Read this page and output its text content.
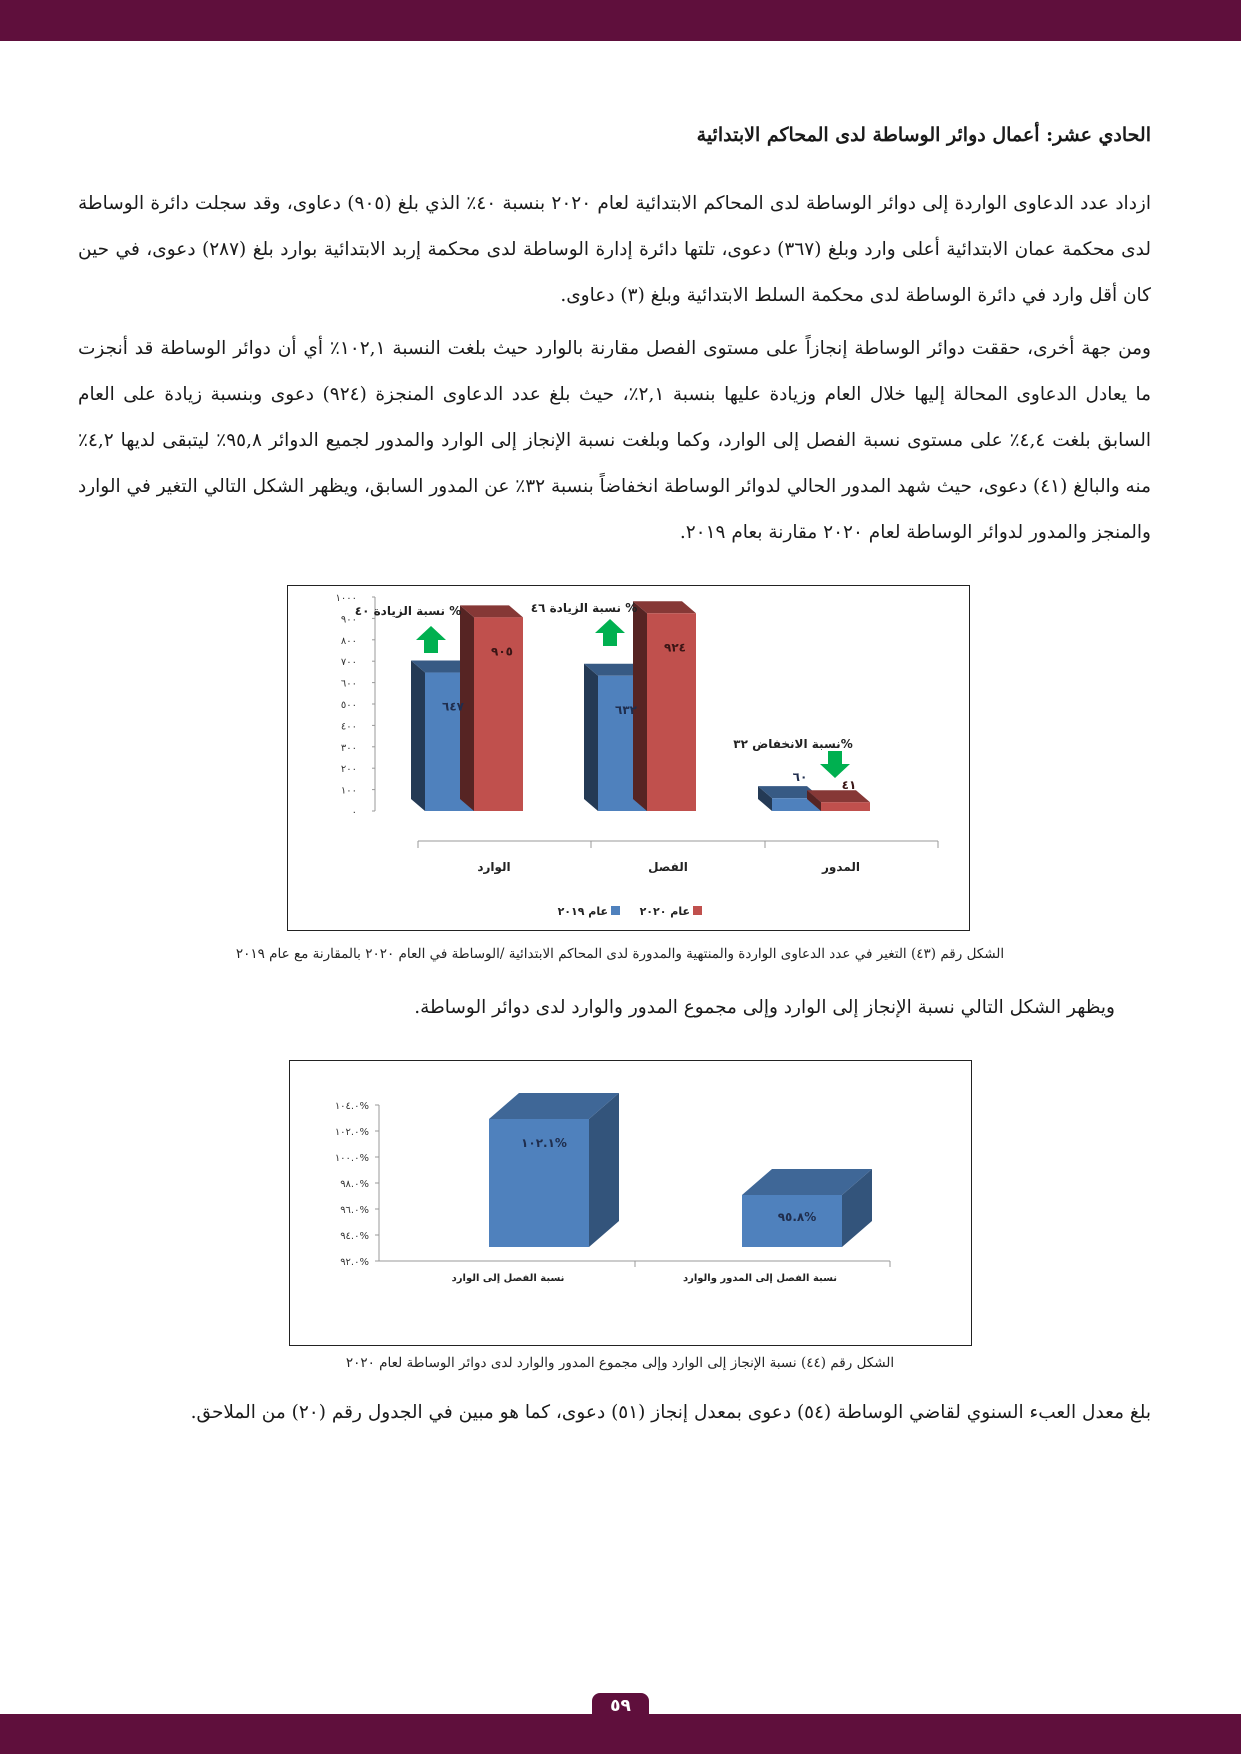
الحادي عشر: أعمال دوائر الوساطة لدى المحاكم الابتدائية
ازداد عدد الدعاوى الواردة إلى دوائر الوساطة لدى المحاكم الابتدائية لعام ٢٠٢٠ بنسبة ٤٠٪ الذي بلغ (٩٠٥) دعاوى، وقد سجلت دائرة الوساطة لدى محكمة عمان الابتدائية أعلى وارد وبلغ (٣٦٧) دعوى، تلتها دائرة إدارة الوساطة لدى محكمة إربد الابتدائية بوارد بلغ (٢٨٧) دعوى، في حين كان أقل وارد في دائرة الوساطة لدى محكمة السلط الابتدائية وبلغ (٣) دعاوى.
ومن جهة أخرى، حققت دوائر الوساطة إنجازاً على مستوى الفصل مقارنة بالوارد حيث بلغت النسبة ١٠٢,١٪ أي أن دوائر الوساطة قد أنجزت ما يعادل الدعاوى المحالة إليها خلال العام وزيادة عليها بنسبة ٢,١٪، حيث بلغ عدد الدعاوى المنجزة (٩٢٤) دعوى وبنسبة زيادة على العام السابق بلغت ٤,٤٪ على مستوى نسبة الفصل إلى الوارد، وكما وبلغت نسبة الإنجاز إلى الوارد والمدور لجميع الدوائر ٩٥,٨٪ ليتبقى لديها ٤,٢٪ منه والبالغ (٤١) دعوى، حيث شهد المدور الحالي لدوائر الوساطة انخفاضاً بنسبة ٣٢٪ عن المدور السابق، ويظهر الشكل التالي التغير في الوارد والمنجز والمدور لدوائر الوساطة لعام ٢٠٢٠ مقارنة بعام ٢٠١٩.
٠
١٠٠
٢٠٠
٣٠٠
٤٠٠
٥٠٠
٦٠٠
٧٠٠
٨٠٠
٩٠٠
١٠٠٠
٦٤٧
٩٠٥
الوارد
٦٣٢
٩٢٤
الفصل
٦٠
٤١
المدور
نسبة الزيادة ٤٠ %	نسبة الزيادة ٤٦ %
نسبة الانخفاض ٣٢%
عام ٢٠٢٠
عام ٢٠١٩
الشكل رقم (٤٣) التغير في عدد الدعاوى الواردة والمنتهية والمدورة لدى المحاكم الابتدائية /الوساطة في العام ٢٠٢٠ بالمقارنة مع عام ٢٠١٩
ويظهر الشكل التالي نسبة الإنجاز إلى الوارد وإلى مجموع المدور والوارد لدى دوائر الوساطة.
٩٢.٠%
٩٤.٠%
٩٦.٠%
٩٨.٠%
١٠٠.٠%
١٠٢.٠%
١٠٤.٠%
١٠٢.١%
٩٥.٨%
نسبة الفصل إلى الوارد	نسبة الفصل إلى المدور والوارد
الشكل رقم (٤٤) نسبة الإنجاز إلى الوارد وإلى مجموع المدور والوارد لدى دوائر الوساطة لعام ٢٠٢٠
بلغ معدل العبء السنوي لقاضي الوساطة (٥٤) دعوى بمعدل إنجاز (٥١) دعوى، كما هو مبين في الجدول رقم (٢٠) من الملاحق.
٥٩
